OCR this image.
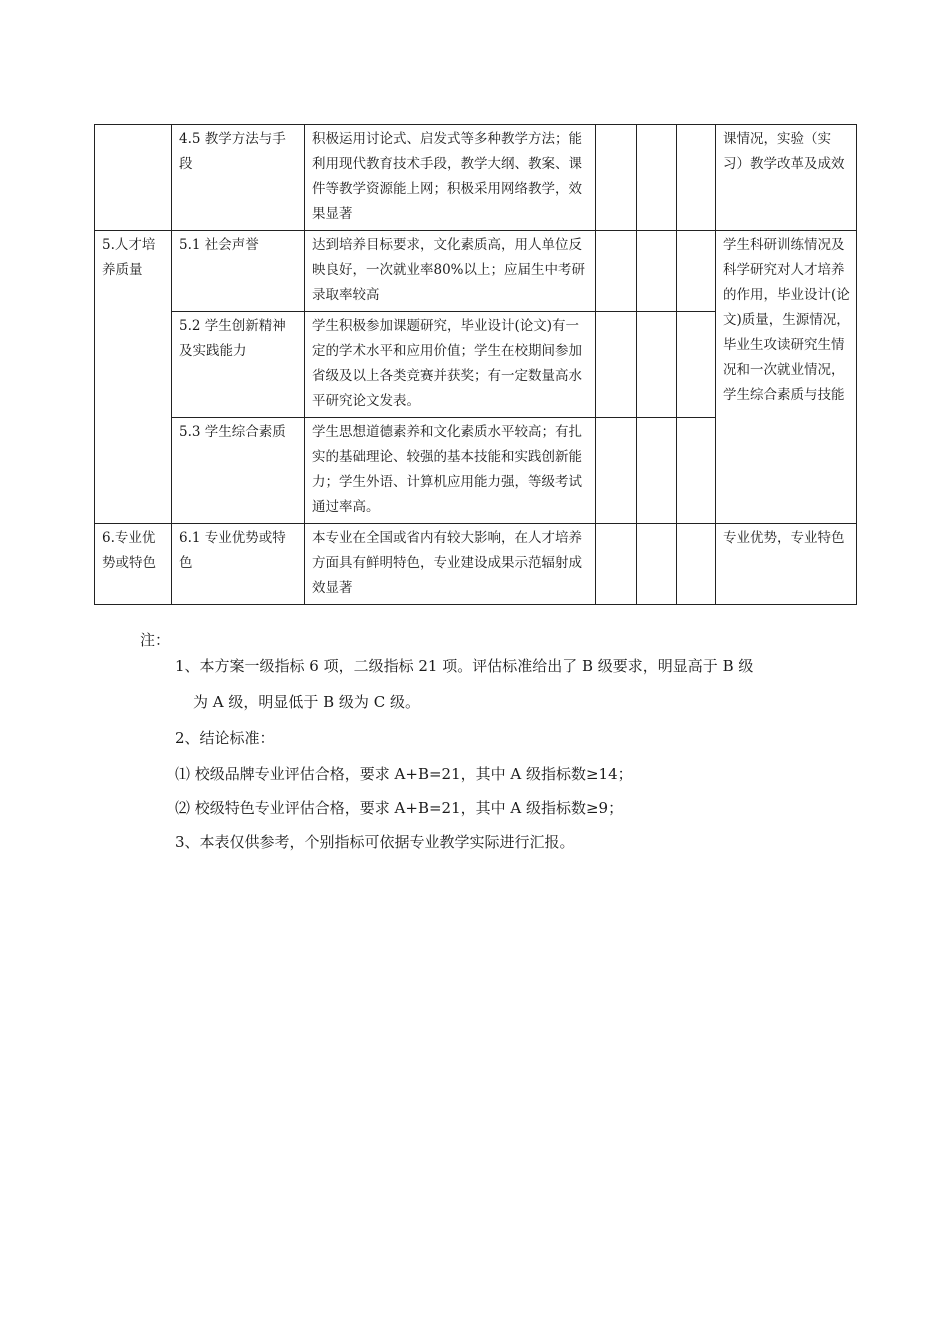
	4.5 教学方法与手段	积极运用讨论式、启发式等多种教学方法；能利用现代教育技术手段，教学大纲、教案、课件等教学资源能上网；积极采用网络教学，效果显著				课情况，实验（实习）教学改革及成效
5.人才培养质量	5.1 社会声誉	达到培养目标要求，文化素质高，用人单位反映良好，一次就业率80%以上；应届生中考研录取率较高				学生科研训练情况及科学研究对人才培养的作用，毕业设计(论文)质量，生源情况，毕业生攻读研究生情况和一次就业情况，学生综合素质与技能
	5.2 学生创新精神及实践能力	学生积极参加课题研究，毕业设计(论文)有一定的学术水平和应用价值；学生在校期间参加省级及以上各类竞赛并获奖；有一定数量高水平研究论文发表。				
	5.3 学生综合素质	学生思想道德素养和文化素质水平较高；有扎实的基础理论、较强的基本技能和实践创新能力；学生外语、计算机应用能力强，等级考试通过率高。				
6.专业优势或特色	6.1 专业优势或特色	本专业在全国或省内有较大影响，在人才培养方面具有鲜明特色，专业建设成果示范辐射成效显著				专业优势，专业特色
注：
1、本方案一级指标 6 项，二级指标 21 项。评估标准给出了 B 级要求，明显高于 B 级
为 A 级，明显低于 B 级为 C 级。
2、结论标准：
⑴ 校级品牌专业评估合格，要求 A+B=21，其中 A 级指标数≥14；
⑵ 校级特色专业评估合格，要求 A+B=21，其中 A 级指标数≥9；
3、本表仅供参考，个别指标可依据专业教学实际进行汇报。
